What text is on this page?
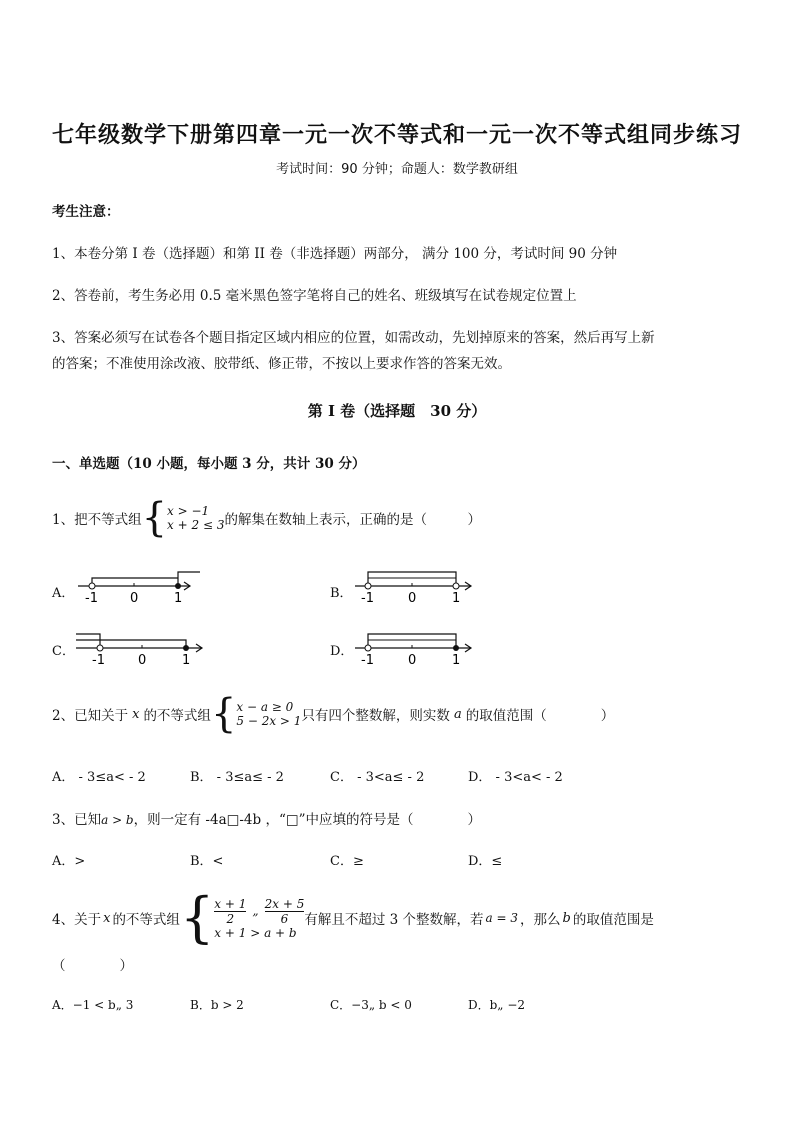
七年级数学下册第四章一元一次不等式和一元一次不等式组同步练习
考试时间：90 分钟；命题人：数学教研组
考生注意：
1、本卷分第 I 卷（选择题）和第 II 卷（非选择题）两部分， 满分 100 分，考试时间 90 分钟
2、答卷前，考生务必用 0.5 毫米黑色签字笔将自己的姓名、班级填写在试卷规定位置上
3、答案必须写在试卷各个题目指定区域内相应的位置，如需改动，先划掉原来的答案，然后再写上新
的答案；不准使用涂改液、胶带纸、修正带，不按以上要求作答的答案无效。
第 I 卷（选择题　30 分）
一、单选题（10 小题，每小题 3 分，共计 30 分）
1、把不等式组 { x > −1
x + 2 ≤ 3 的解集在数轴上表示，正确的是（　　　）
A． -1 0	1	B． -1	0	1
C．
-1	0	1
D．
-1	0	1
2、已知关于 x 的不等式组 { x − a ≥ 0
5 − 2x > 1 只有四个整数解，则实数 a 的取值范围（　　　　）
A． - 3≤a< - 2	B． - 3≤a≤ - 2	C． - 3<a≤ - 2	D． - 3<a< - 2
3、已知a > b，则一定有 -4a□-4b ，“□”中应填的符号是（　　　　）
A．>	B．<	C．≥	D．≤
4、关于 x 的不等式组 { $\frac{x + 1}{2}$ „ $\frac{2x + 5}{6}$
x + 1 > a + b
有解且不超过 3 个整数解，若 a = 3 ，那么 b 的取值范围是
（　　　　）
A．−1 < b„ 3	B．b > 2	C．−3„ b < 0	D．b„ −2
